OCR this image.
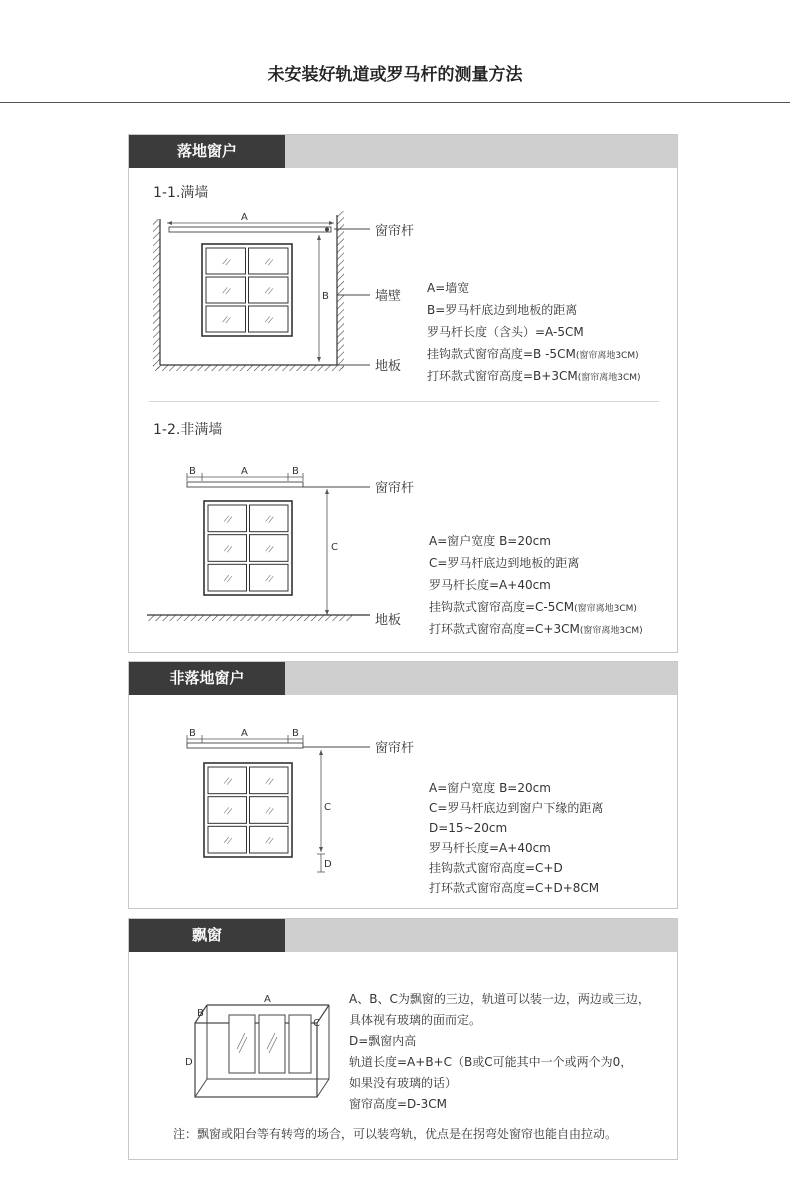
未安装好轨道或罗马杆的测量方法
落地窗户
1-1.满墙
A
B
窗帘杆
墙壁
地板
A=墙宽
B=罗马杆底边到地板的距离
罗马杆长度（含头）=A-5CM
挂钩款式窗帘高度=B -5CM(窗帘离地3CM)
打环款式窗帘高度=B+3CM(窗帘离地3CM)
1-2.非满墙
B	A	B
C
窗帘杆
地板
A=窗户宽度 B=20cm
C=罗马杆底边到地板的距离
罗马杆长度=A+40cm
挂钩款式窗帘高度=C-5CM(窗帘离地3CM)
打环款式窗帘高度=C+3CM(窗帘离地3CM)
非落地窗户
B	A	B
C
D
窗帘杆
A=窗户宽度 B=20cm
C=罗马杆底边到窗户下缘的距离
D=15~20cm
罗马杆长度=A+40cm
挂钩款式窗帘高度=C+D
打环款式窗帘高度=C+D+8CM
飘窗
A
B
C
D
A、B、C为飘窗的三边，轨道可以装一边，两边或三边，
具体视有玻璃的面而定。
D=飘窗内高
轨道长度=A+B+C（B或C可能其中一个或两个为0，
如果没有玻璃的话）
窗帘高度=D-3CM
注：飘窗或阳台等有转弯的场合，可以装弯轨，优点是在拐弯处窗帘也能自由拉动。
